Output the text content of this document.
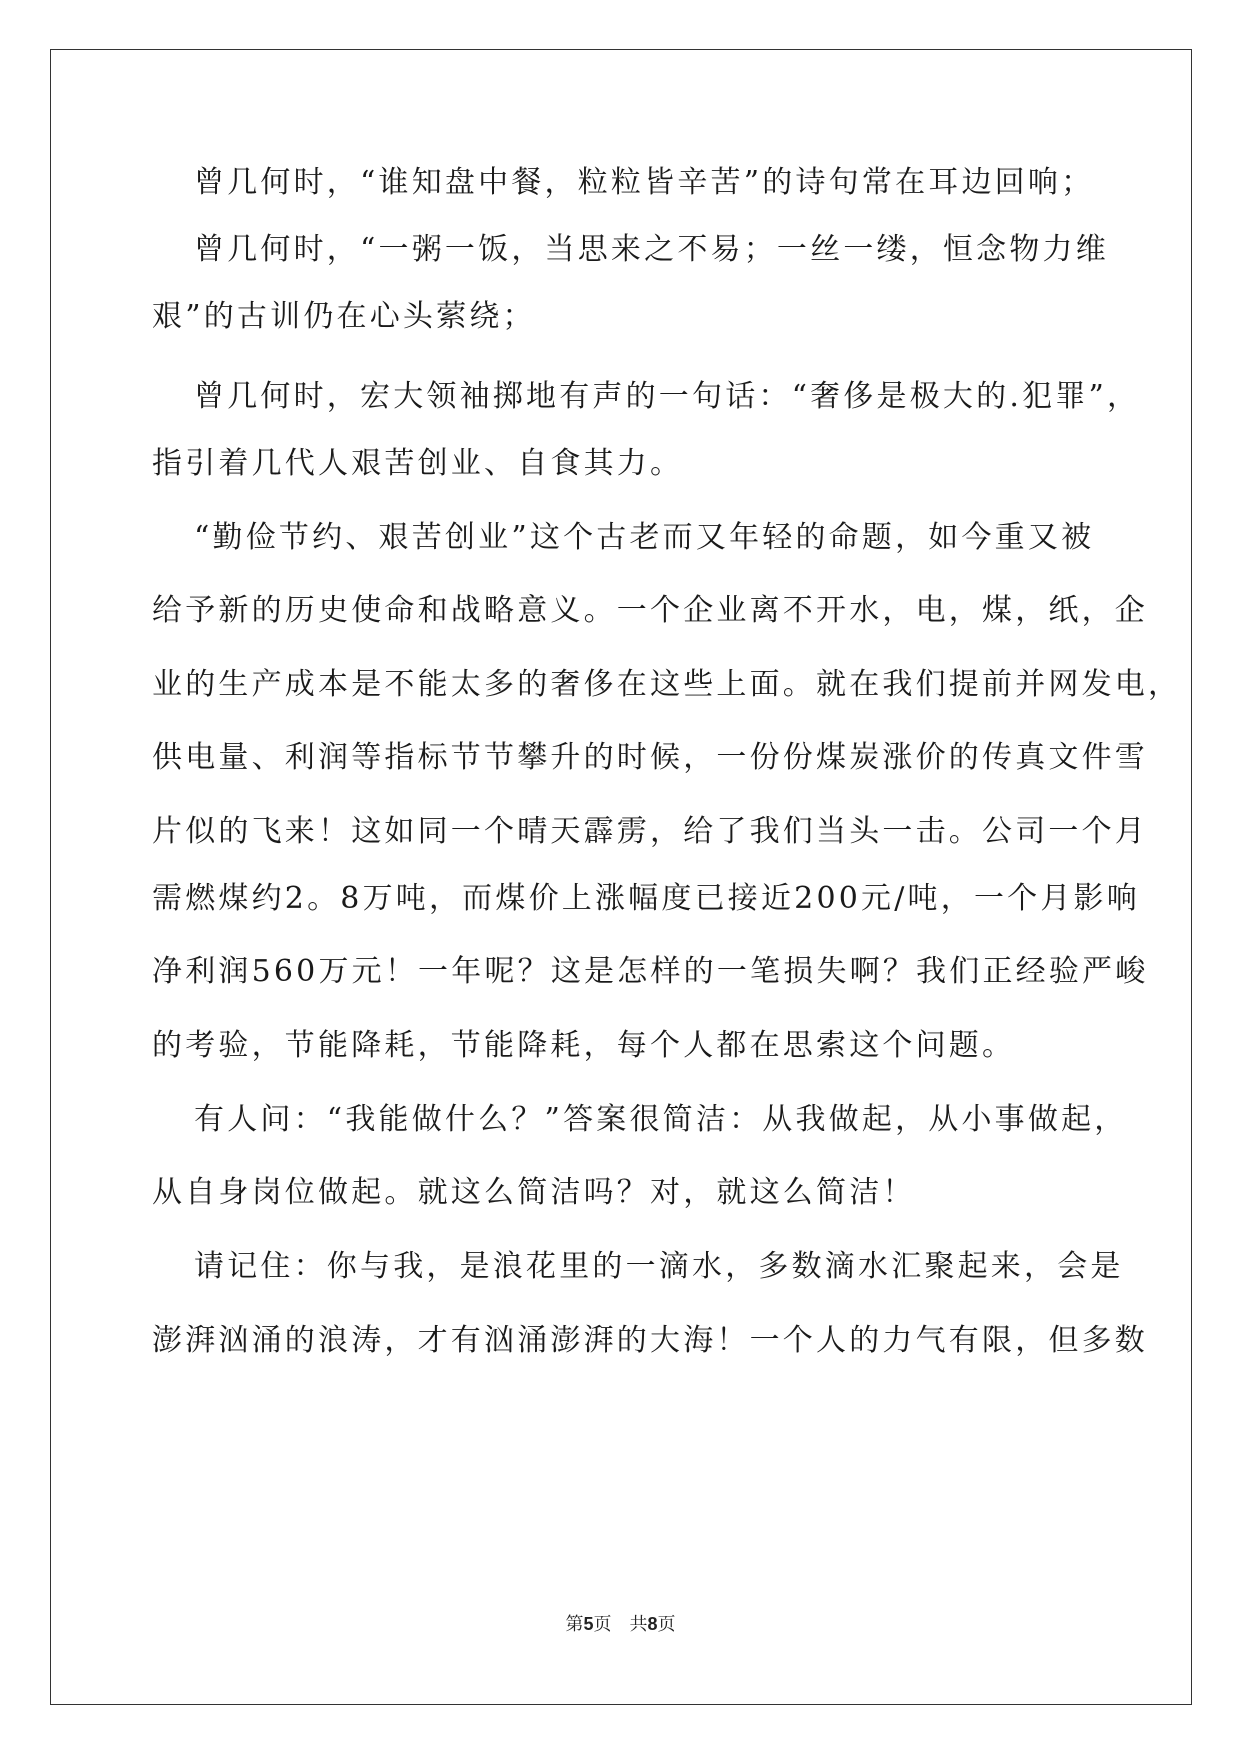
曾几何时，“谁知盘中餐，粒粒皆辛苦”的诗句常在耳边回响；
曾几何时，“一粥一饭，当思来之不易；一丝一缕，恒念物力维
艰”的古训仍在心头萦绕；
曾几何时，宏大领袖掷地有声的一句话：“奢侈是极大的.犯罪”，
指引着几代人艰苦创业、自食其力。
“勤俭节约、艰苦创业”这个古老而又年轻的命题，如今重又被
给予新的历史使命和战略意义。一个企业离不开水，电，煤，纸，企
业的生产成本是不能太多的奢侈在这些上面。就在我们提前并网发电，
供电量、利润等指标节节攀升的时候，一份份煤炭涨价的传真文件雪
片似的飞来！这如同一个晴天霹雳，给了我们当头一击。公司一个月
需燃煤约2。8万吨，而煤价上涨幅度已接近200元/吨，一个月影响
净利润560万元！一年呢？这是怎样的一笔损失啊？我们正经验严峻
的考验，节能降耗，节能降耗，每个人都在思索这个问题。
有人问：“我能做什么？”答案很简洁：从我做起，从小事做起，
从自身岗位做起。就这么简洁吗？对，就这么简洁！
请记住：你与我，是浪花里的一滴水，多数滴水汇聚起来，会是
澎湃汹涌的浪涛，才有汹涌澎湃的大海！一个人的力气有限，但多数
第5页　共8页
